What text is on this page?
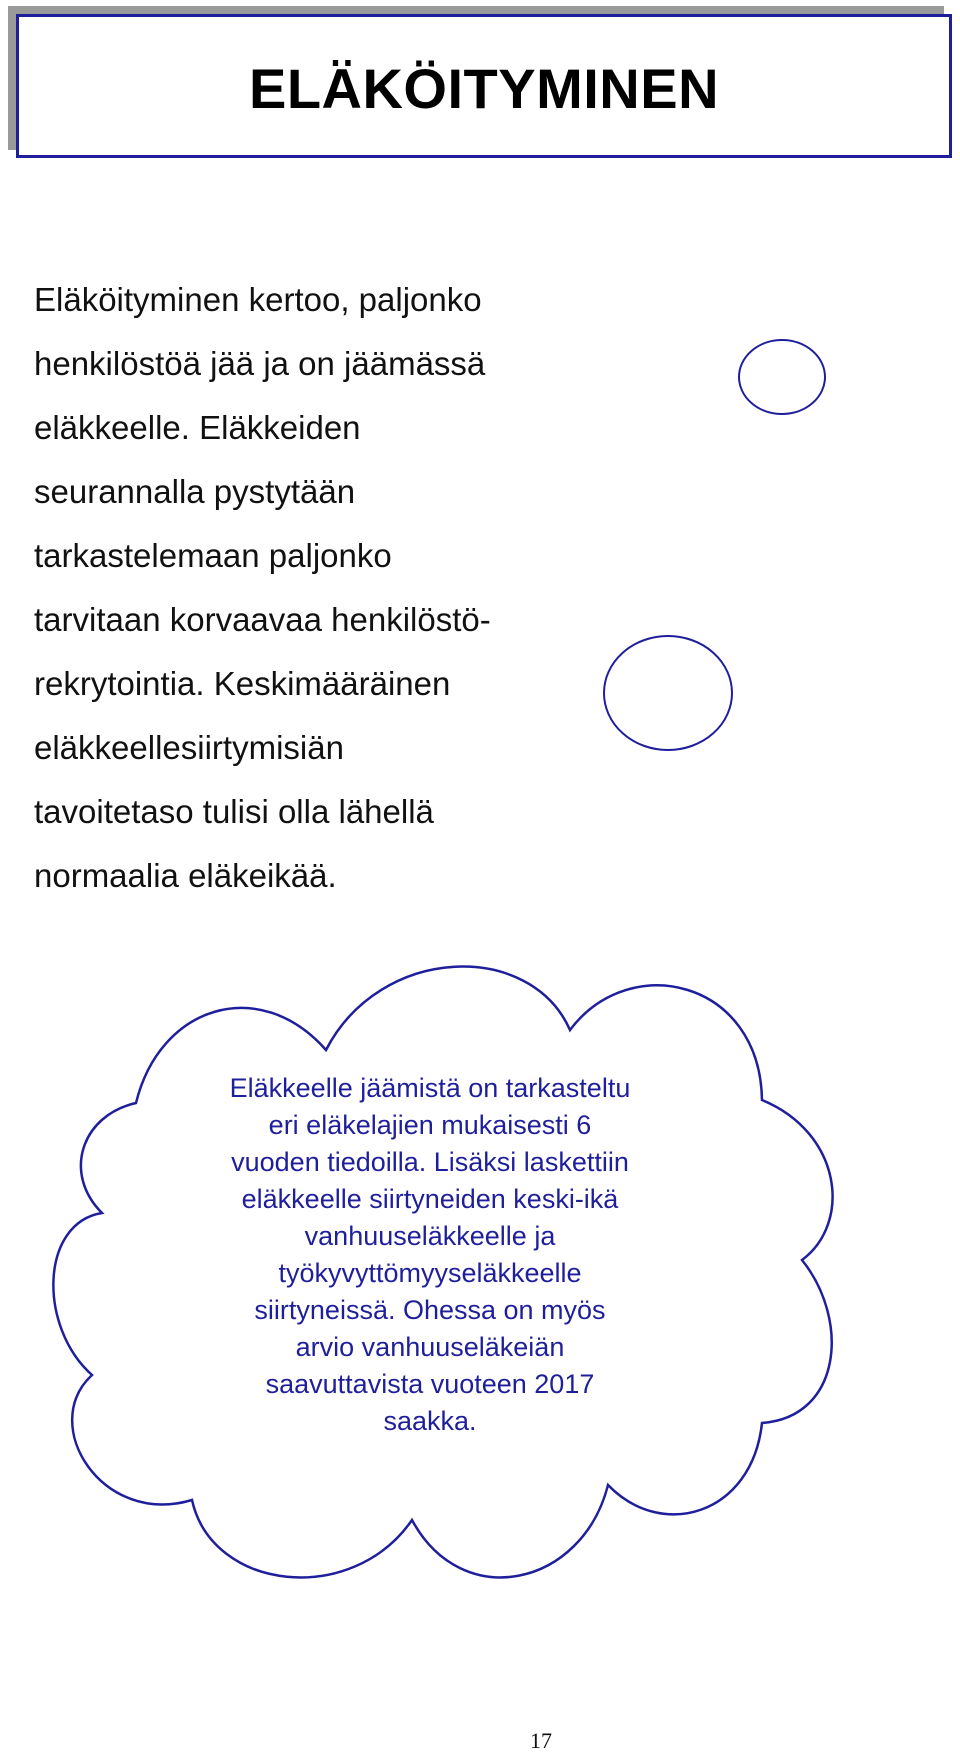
ELÄKÖITYMINEN

Eläköityminen kertoo, paljonko
henkilöstöä jää ja on jäämässä
eläkkeelle. Eläkkeiden
seurannalla pystytään
tarkastelemaan paljonko
tarvitaan korvaavaa henkilöstö-
rekrytointia. Keskimääräinen
eläkkeellesiirtymisiän
tavoitetaso tulisi olla lähellä
normaalia eläkeikää.

Eläkkeelle jäämistä on tarkasteltu
eri eläkelajien mukaisesti 6
vuoden tiedoilla. Lisäksi laskettiin
eläkkeelle siirtyneiden keski-ikä
vanhuuseläkkeelle ja
työkyvyttömyyseläkkeelle
siirtyneissä. Ohessa on myös
arvio vanhuuseläkeiän
saavuttavista vuoteen 2017
saakka.

17
